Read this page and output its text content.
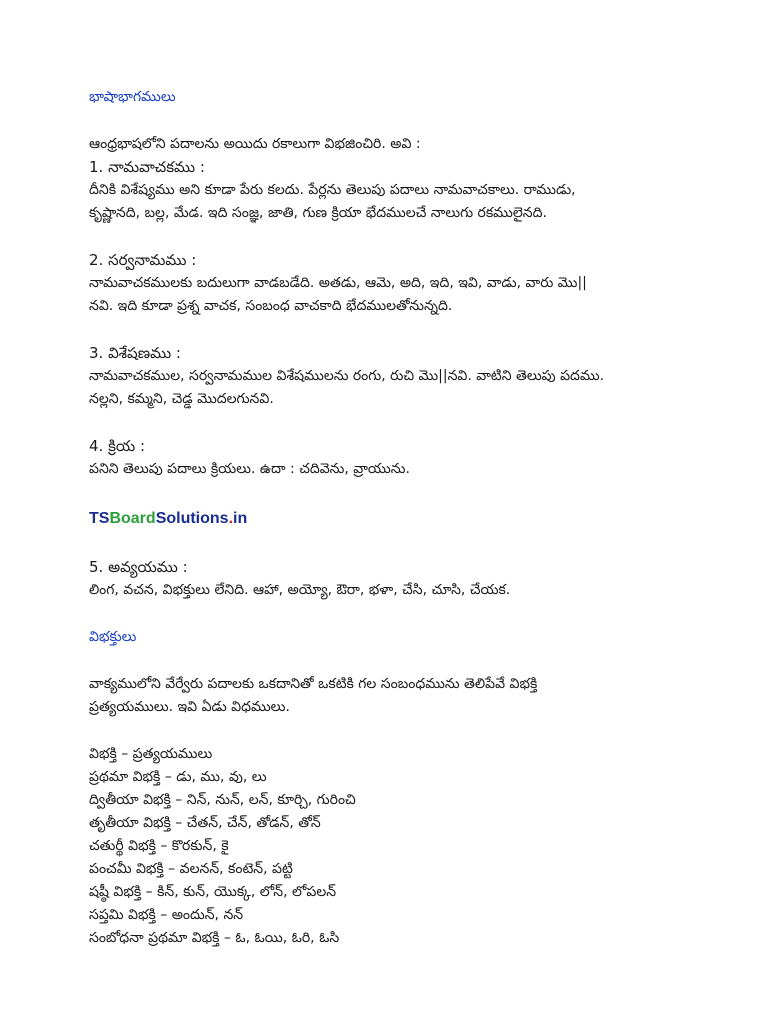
భాషాభాగములు
ఆంధ్రభాషలోని పదాలను అయిదు రకాలుగా విభజించిరి. అవి :
1. నామవాచకము :
దీనికి విశేష్యము అని కూడా పేరు కలదు. పేర్లను తెలుపు పదాలు నామవాచకాలు. రాముడు,
కృష్ణానది, బల్ల, మేడ. ఇది సంజ్ఞ, జాతి, గుణ క్రియా భేదములచే నాలుగు రకములైనది.
2. సర్వనామము :
నామవాచకములకు బదులుగా వాడబడేది. అతడు, ఆమె, అది, ఇది, ఇవి, వాడు, వారు మొ||
నవి. ఇది కూడా ప్రశ్న వాచక, సంబంధ వాచకాది భేదములతోనున్నది.
3. విశేషణము :
నామవాచకముల, సర్వనామముల విశేషములను రంగు, రుచి మొ||నవి. వాటిని తెలుపు పదము.
నల్లని, కమ్మని, చెడ్డ మొదలగునవి.
4. క్రియ :
పనిని తెలుపు పదాలు క్రియలు. ఉదా : చదివెను, వ్రాయును.
TSBoardSolutions.in
5. అవ్యయము :
లింగ, వచన, విభక్తులు లేనిది. ఆహా, అయ్యో, ఔరా, భళా, చేసి, చూసి, చేయక.
విభక్తులు
వాక్యములోని వేర్వేరు పదాలకు ఒకదానితో ఒకటికి గల సంబంధమును తెలిపేవే విభక్తి
ప్రత్యయములు. ఇవి ఏడు విధములు.
విభక్తి – ప్రత్యయములు
ప్రథమా విభక్తి – డు, ము, వు, లు
ద్వితీయా విభక్తి – నిన్, నున్, లన్, కూర్చి, గురించి
తృతీయా విభక్తి – చేతన్, చేన్, తోడన్, తోన్
చతుర్థీ విభక్తి – కొరకున్, కై
పంచమీ విభక్తి – వలనన్, కంటెన్, పట్టి
షష్ఠీ విభక్తి – కిన్, కున్, యొక్క, లోన్, లోపలన్
సప్తమి విభక్తి – అందున్, నన్
సంబోధనా ప్రథమా విభక్తి – ఓ, ఓయి, ఓరి, ఓసి
